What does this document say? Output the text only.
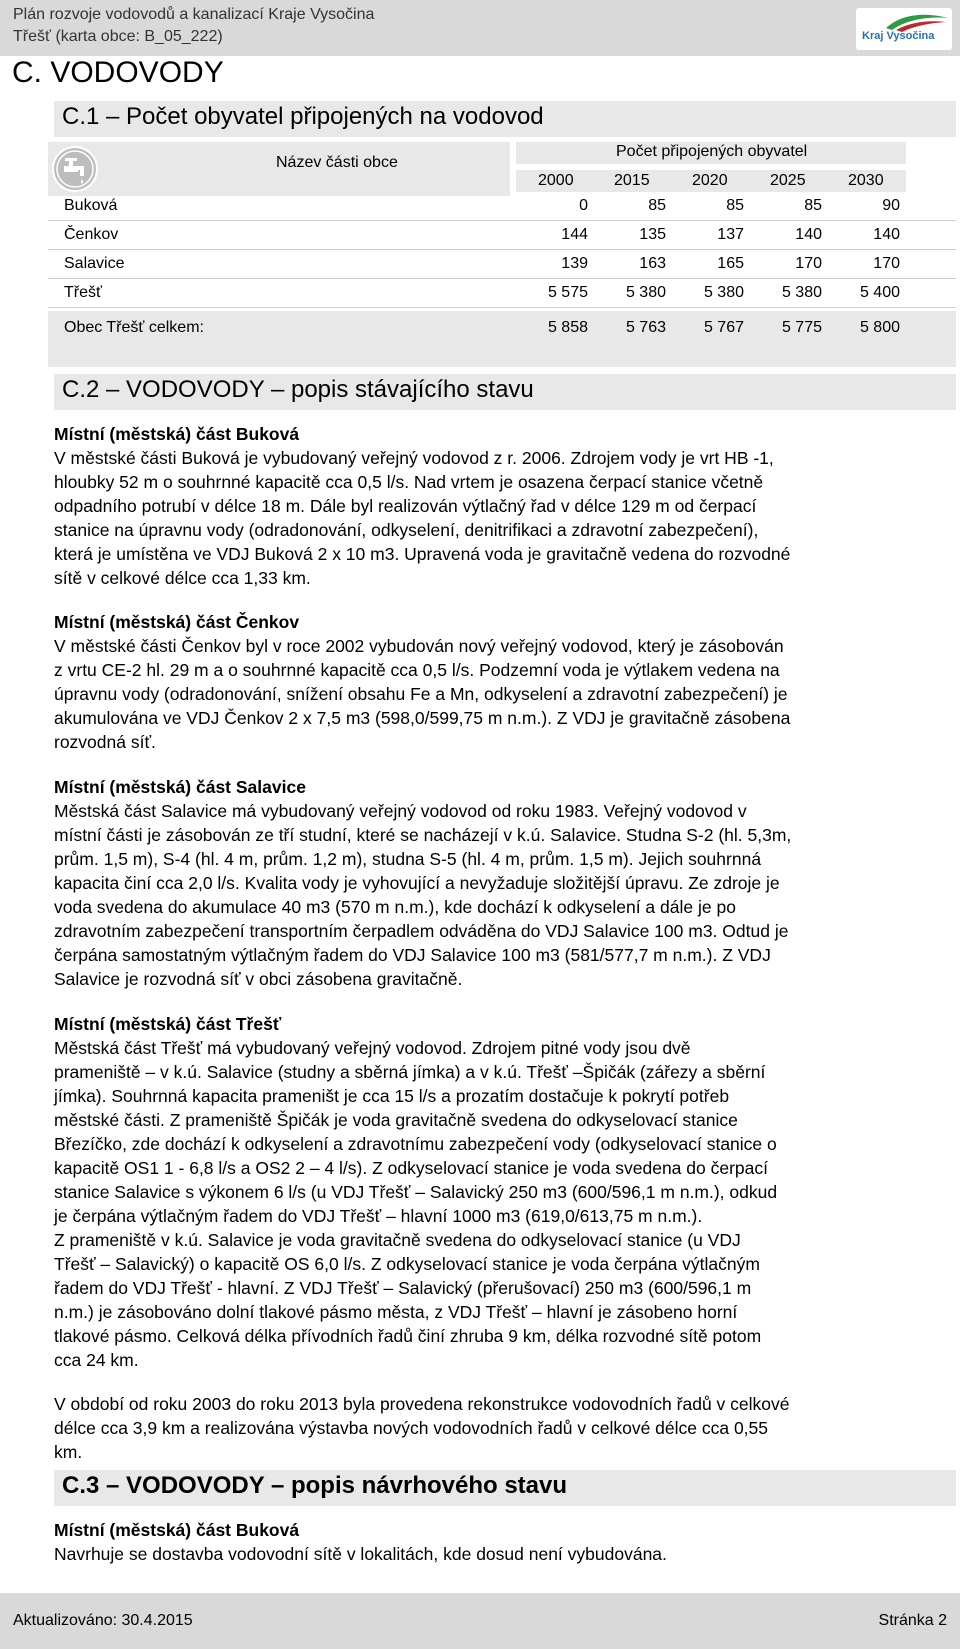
Plán rozvoje vodovodů a kanalizací Kraje Vysočina
Třešť (karta obce: B_05_222)	Kraj Vysočina
C. VODOVODY
C.1 – Počet obyvatel připojených na vodovod
Název části obce
Počet připojených obyvatel
2000	2015	2020	2025	2030
Buková	0	85	85	85	90
Čenkov	144	135	137	140	140
Salavice	139	163	165	170	170
Třešť	5 575	5 380	5 380	5 380	5 400
Obec Třešť celkem:	5 858	5 763	5 767	5 775	5 800
C.2 – VODOVODY – popis stávajícího stavu
Místní (městská) část Buková
V městské části Buková je vybudovaný veřejný vodovod z r. 2006. Zdrojem vody je vrt HB -1,
hloubky 52 m o souhrnné kapacitě cca 0,5 l/s. Nad vrtem je osazena čerpací stanice včetně
odpadního potrubí v délce 18 m. Dále byl realizován výtlačný řad v délce 129 m od čerpací
stanice na úpravnu vody (odradonování, odkyselení, denitrifikaci a zdravotní zabezpečení),
která je umístěna ve VDJ Buková 2 x 10 m3. Upravená voda je gravitačně vedena do rozvodné
sítě v celkové délce cca 1,33 km.
Místní (městská) část Čenkov
V městské části Čenkov byl v roce 2002 vybudován nový veřejný vodovod, který je zásobován
z vrtu CE-2 hl. 29 m a o souhrnné kapacitě cca 0,5 l/s. Podzemní voda je výtlakem vedena na
úpravnu vody (odradonování, snížení obsahu Fe a Mn, odkyselení a zdravotní zabezpečení) je
akumulována ve VDJ Čenkov 2 x 7,5 m3 (598,0/599,75 m n.m.). Z VDJ je gravitačně zásobena
rozvodná síť.
Místní (městská) část Salavice
Městská část Salavice má vybudovaný veřejný vodovod od roku 1983. Veřejný vodovod v
místní části je zásobován ze tří studní, které se nacházejí v k.ú. Salavice. Studna S-2 (hl. 5,3m,
prům. 1,5 m), S-4 (hl. 4 m, prům. 1,2 m), studna S-5 (hl. 4 m, prům. 1,5 m). Jejich souhrnná
kapacita činí cca 2,0 l/s. Kvalita vody je vyhovující a nevyžaduje složitější úpravu. Ze zdroje je
voda svedena do akumulace 40 m3 (570 m n.m.), kde dochází k odkyselení a dále je po
zdravotním zabezpečení transportním čerpadlem odváděna do VDJ Salavice 100 m3. Odtud je
čerpána samostatným výtlačným řadem do VDJ Salavice 100 m3 (581/577,7 m n.m.). Z VDJ
Salavice je rozvodná síť v obci zásobena gravitačně.
Místní (městská) část Třešť
Městská část Třešť má vybudovaný veřejný vodovod. Zdrojem pitné vody jsou dvě
prameniště – v k.ú. Salavice (studny a sběrná jímka) a v k.ú. Třešť –Špičák (zářezy a sběrní
jímka). Souhrnná kapacita prameništ je cca 15 l/s a prozatím dostačuje k pokrytí potřeb
městské části. Z prameniště Špičák je voda gravitačně svedena do odkyselovací stanice
Březíčko, zde dochází k odkyselení a zdravotnímu zabezpečení vody (odkyselovací stanice o
kapacitě OS1 1 - 6,8 l/s a OS2 2 – 4 l/s). Z odkyselovací stanice je voda svedena do čerpací
stanice Salavice s výkonem 6 l/s (u VDJ Třešť – Salavický 250 m3 (600/596,1 m n.m.), odkud
je čerpána výtlačným řadem do VDJ Třešť – hlavní 1000 m3 (619,0/613,75 m n.m.).
Z prameniště v k.ú. Salavice je voda gravitačně svedena do odkyselovací stanice (u VDJ
Třešť – Salavický) o kapacitě OS 6,0 l/s. Z odkyselovací stanice je voda čerpána výtlačným
řadem do VDJ Třešť - hlavní. Z VDJ Třešť – Salavický (přerušovací) 250 m3 (600/596,1 m
n.m.) je zásobováno dolní tlakové pásmo města, z VDJ Třešť – hlavní je zásobeno horní
tlakové pásmo. Celková délka přívodních řadů činí zhruba 9 km, délka rozvodné sítě potom
cca 24 km.
V období od roku 2003 do roku 2013 byla provedena rekonstrukce vodovodních řadů v celkové
délce cca 3,9 km a realizována výstavba nových vodovodních řadů v celkové délce cca 0,55
km.
C.3 – VODOVODY – popis návrhového stavu
Místní (městská) část Buková
Navrhuje se dostavba vodovodní sítě v lokalitách, kde dosud není vybudována.
Aktualizováno: 30.4.2015	Stránka 2
